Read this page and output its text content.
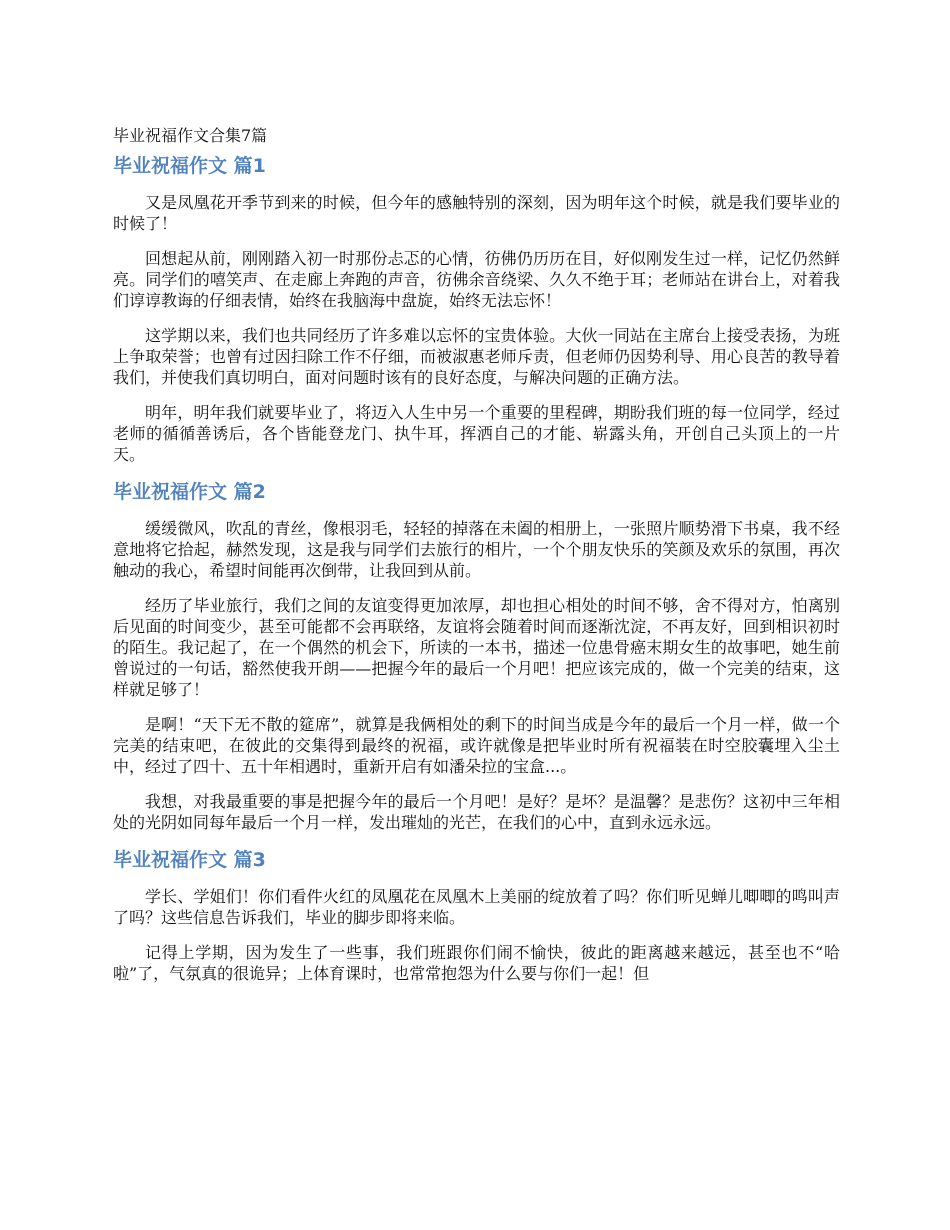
毕业祝福作文合集7篇
毕业祝福作文 篇1

又是凤凰花开季节到来的时候，但今年的感触特别的深刻，因为明年这个时候，就是我们要毕业的时候了！

回想起从前，刚刚踏入初一时那份忐忑的心情，彷佛仍历历在目，好似刚发生过一样，记忆仍然鲜亮。同学们的嘻笑声、在走廊上奔跑的声音，彷佛余音绕梁、久久不绝于耳；老师站在讲台上，对着我们谆谆教诲的仔细表情，始终在我脑海中盘旋，始终无法忘怀！

这学期以来，我们也共同经历了许多难以忘怀的宝贵体验。大伙一同站在主席台上接受表扬，为班上争取荣誉；也曾有过因扫除工作不仔细，而被淑惠老师斥责，但老师仍因势利导、用心良苦的教导着我们，并使我们真切明白，面对问题时该有的良好态度，与解决问题的正确方法。

明年，明年我们就要毕业了，将迈入人生中另一个重要的里程碑，期盼我们班的每一位同学，经过老师的循循善诱后，各个皆能登龙门、执牛耳，挥洒自己的才能、崭露头角，开创自己头顶上的一片天。

毕业祝福作文 篇2

缓缓微风，吹乱的青丝，像根羽毛，轻轻的掉落在未阖的相册上，一张照片顺势滑下书桌，我不经意地将它拾起，赫然发现，这是我与同学们去旅行的相片，一个个朋友快乐的笑颜及欢乐的氛围，再次触动的我心，希望时间能再次倒带，让我回到从前。

经历了毕业旅行，我们之间的友谊变得更加浓厚，却也担心相处的时间不够，舍不得对方，怕离别后见面的时间变少，甚至可能都不会再联络，友谊将会随着时间而逐渐沈淀，不再友好，回到相识初时的陌生。我记起了，在一个偶然的机会下，所读的一本书，描述一位患骨癌末期女生的故事吧，她生前曾说过的一句话，豁然使我开朗——把握今年的最后一个月吧！把应该完成的，做一个完美的结束，这样就足够了！

是啊！“天下无不散的筵席”，就算是我俩相处的剩下的时间当成是今年的最后一个月一样，做一个完美的结束吧，在彼此的交集得到最终的祝福，或许就像是把毕业时所有祝福装在时空胶囊埋入尘土中，经过了四十、五十年相遇时，重新开启有如潘朵拉的宝盒...。

我想，对我最重要的事是把握今年的最后一个月吧！是好？是坏？是温馨？是悲伤？这初中三年相处的光阴如同每年最后一个月一样，发出璀灿的光芒，在我们的心中，直到永远永远。

毕业祝福作文 篇3

学长、学姐们！你们看件火红的凤凰花在凤凰木上美丽的绽放着了吗？你们听见蝉儿唧唧的鸣叫声了吗？这些信息告诉我们，毕业的脚步即将来临。

记得上学期，因为发生了一些事，我们班跟你们闹不愉快，彼此的距离越来越远，甚至也不“哈啦”了，气氛真的很诡异；上体育课时，也常常抱怨为什么要与你们一起！但
